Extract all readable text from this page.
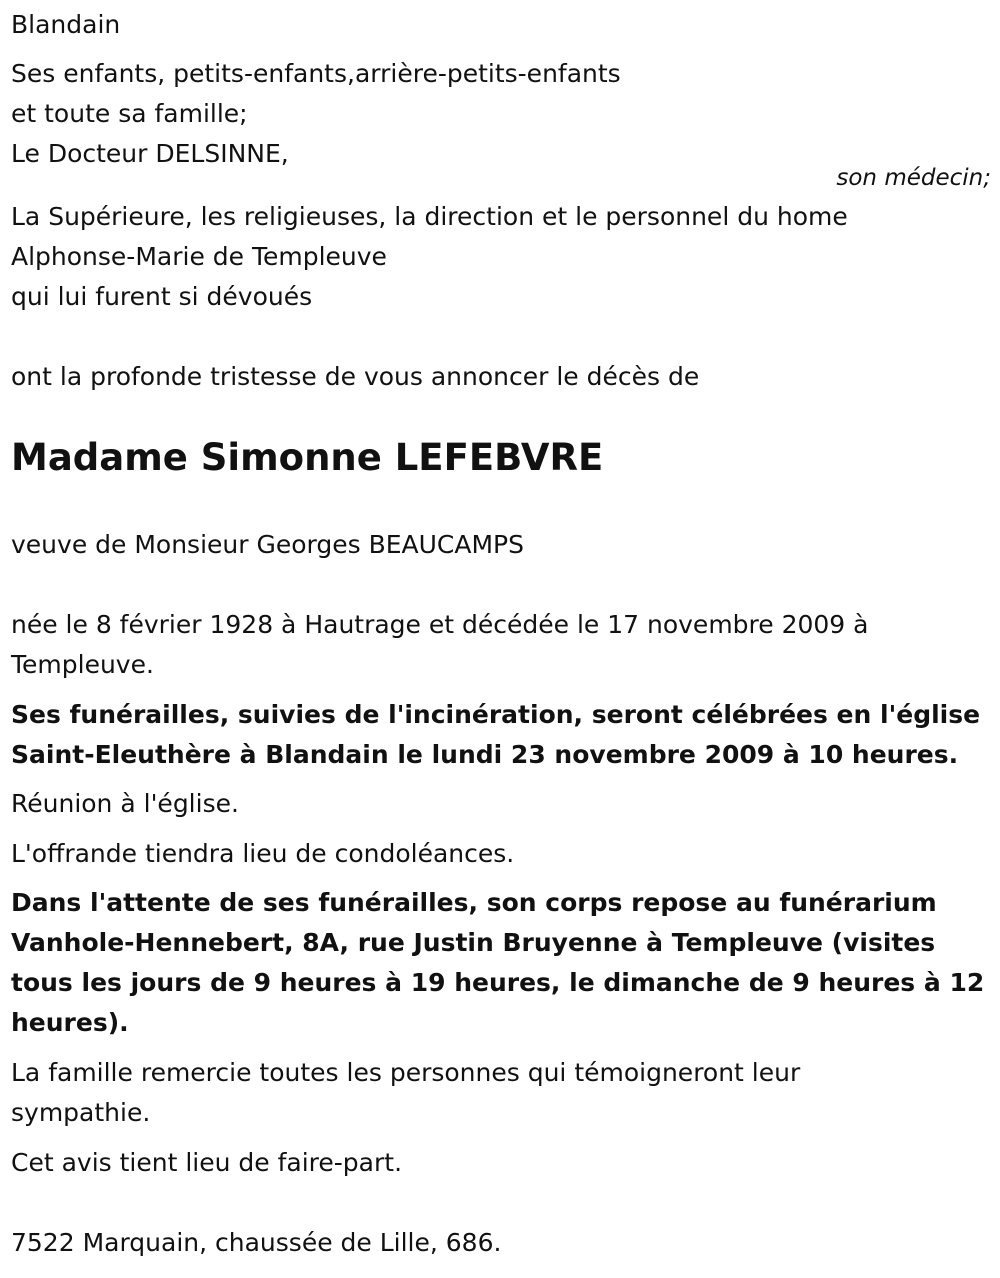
Blandain
Ses enfants, petits-enfants,arrière-petits-enfants
et toute sa famille;
Le Docteur DELSINNE,
son médecin;
La Supérieure, les religieuses, la direction et le personnel du home
Alphonse-Marie de Templeuve
qui lui furent si dévoués
ont la profonde tristesse de vous annoncer le décès de
Madame Simonne LEFEBVRE
veuve de Monsieur Georges BEAUCAMPS
née le 8 février 1928 à Hautrage et décédée le 17 novembre 2009 à Templeuve.
Ses funérailles, suivies de l'incinération, seront célébrées en l'église Saint-Eleuthère à Blandain le lundi 23 novembre 2009 à 10 heures.
Réunion à l'église.
L'offrande tiendra lieu de condoléances.
Dans l'attente de ses funérailles, son corps repose au funérarium Vanhole-Hennebert, 8A, rue Justin Bruyenne à Templeuve (visites tous les jours de 9 heures à 19 heures, le dimanche de 9 heures à 12 heures).
La famille remercie toutes les personnes qui témoigneront leur sympathie.
Cet avis tient lieu de faire-part.
7522 Marquain, chaussée de Lille, 686.
